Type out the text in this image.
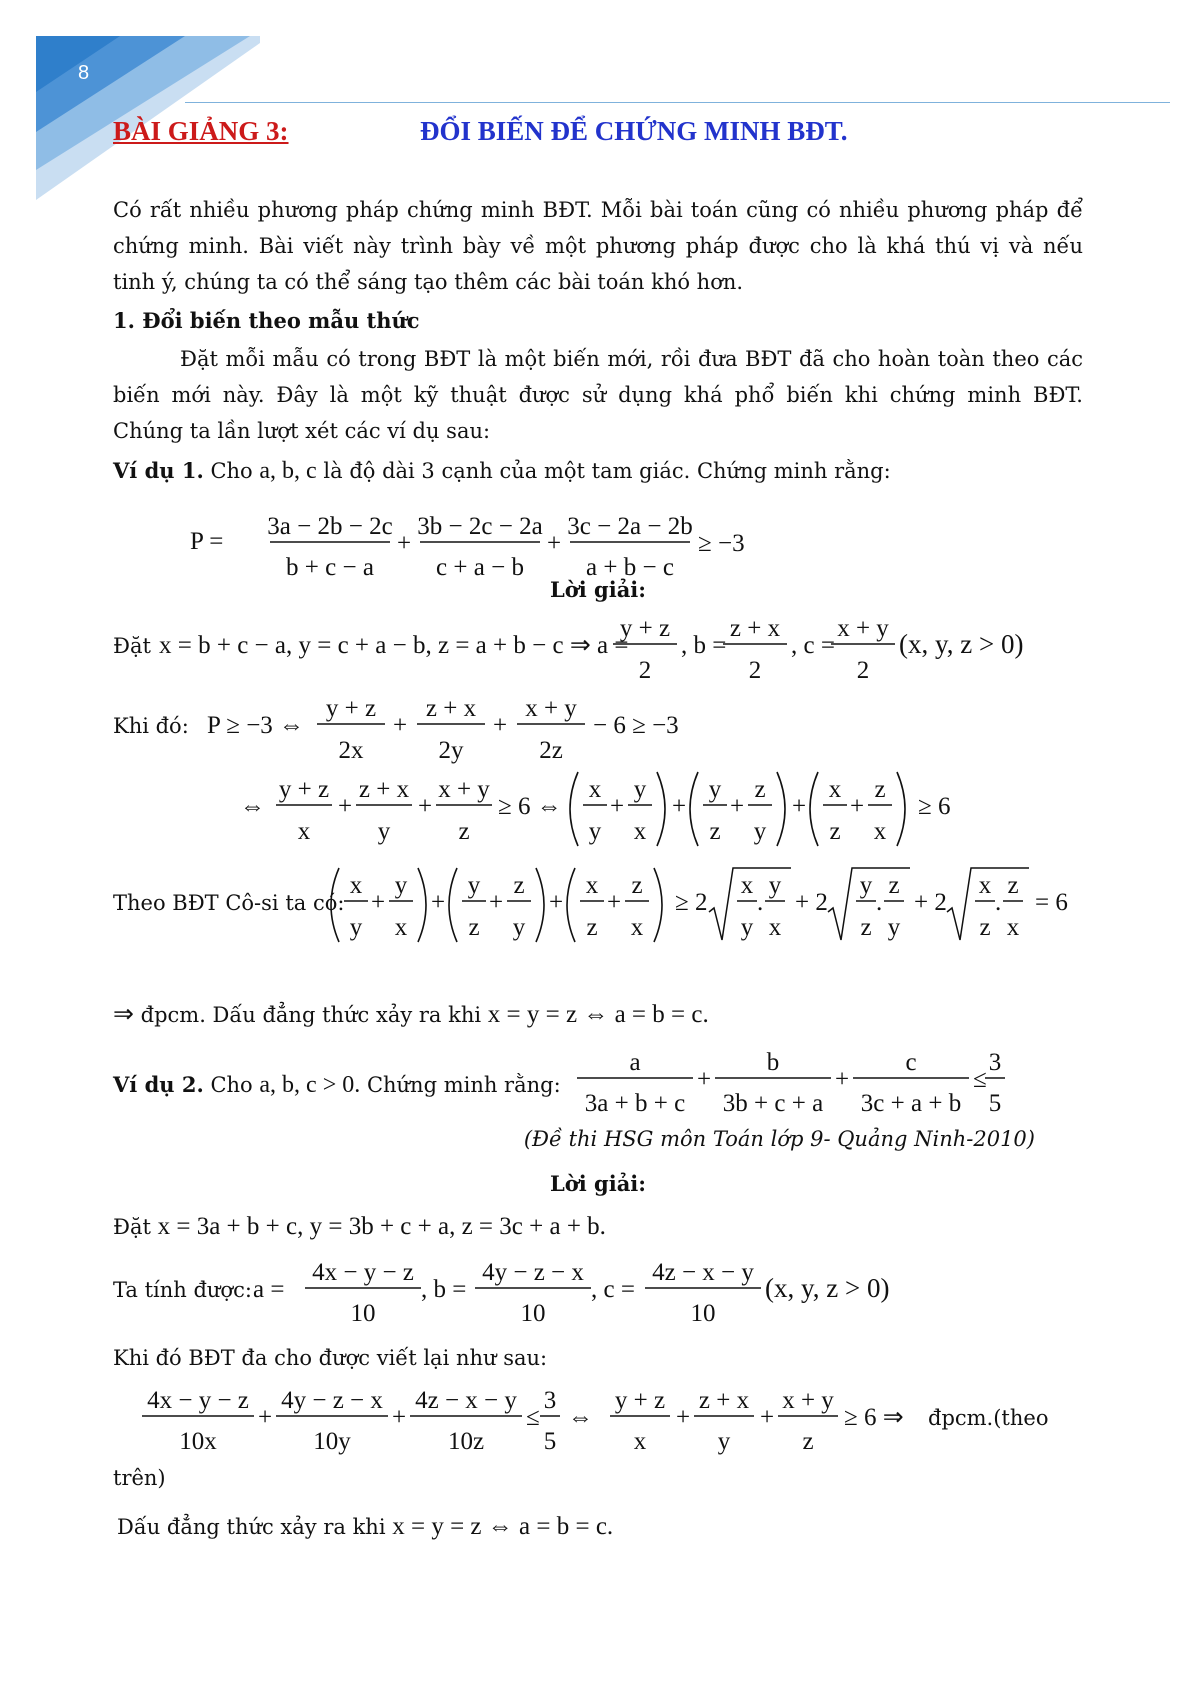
8
BÀI GIẢNG 3:	ĐỔI BIẾN ĐỂ CHỨNG MINH BĐT.
Có rất nhiều phương pháp chứng minh BĐT. Mỗi bài toán cũng có nhiều phương pháp để
chứng minh. Bài viết này trình bày về một phương pháp được cho là khá thú vị và nếu
tinh ý, chúng ta có thể sáng tạo thêm các bài toán khó hơn.
1. Đổi biến theo mẫu thức
Đặt mỗi mẫu có trong BĐT là một biến mới, rồi đưa BĐT đã cho hoàn toàn theo các
biến mới này. Đây là một kỹ thuật được sử dụng khá phổ biến khi chứng minh BĐT.
Chúng ta lần lượt xét các ví dụ sau:
Ví dụ 1. Cho a, b, c là độ dài 3 cạnh của một tam giác. Chứng minh rằng:
P =
3a − 2b − 2c
b + c − a
+
3b − 2c − 2a
c + a − b
+
3c − 2a − 2b
a + b − c
≥ −3
Lời giải:
Đặt x = b + c − a, y = c + a − b, z = a + b − c ⇒ a =
y + z
2
, b =
z + x
2
, c =
x + y
2
(x, y, z > 0)
Khi đó: P ≥ −3 ⇔
y + z
2x
+
z + x
2y
+
x + y
2z
− 6 ≥ −3
⇔
y + z
x
+
z + x
y
+
x + y
z
≥ 6 ⇔
x
y
+
y
x
+
y
z
+
z
y
+
x
z
+
z
x
≥ 6
Theo BĐT Cô-si ta có:
x
y
+
y
x
+
y
z
+
z
y
+
x
z
+
z
x
≥ 2
x
y
.
y
x
+ 2
y
z
.
z
y
+ 2
x
z
.
z
x
= 6
⇒ đpcm. Dấu đẳng thức xảy ra khi x = y = z ⇔ a = b = c.
Ví dụ 2. Cho a, b, c > 0. Chứng minh rằng:
a
3a + b + c
+
b
3b + c + a
+
c
3c + a + b
≤
3
5
(Đề thi HSG môn Toán lớp 9- Quảng Ninh-2010)
Lời giải:
Đặt x = 3a + b + c, y = 3b + c + a, z = 3c + a + b.
Ta tính được: a =
4x − y − z
10
, b =
4y − z − x
10
, c =
4z − x − y
10
(x, y, z > 0)
Khi đó BĐT đa cho được viết lại như sau:
4x − y − z
10x
+
4y − z − x
10y
+
4z − x − y
10z
≤
3
5
⇔
y + z
x
+
z + x
y
+
x + y
z
≥ 6 ⇒ đpcm.(theo
trên)
Dấu đẳng thức xảy ra khi x = y = z ⇔ a = b = c.
